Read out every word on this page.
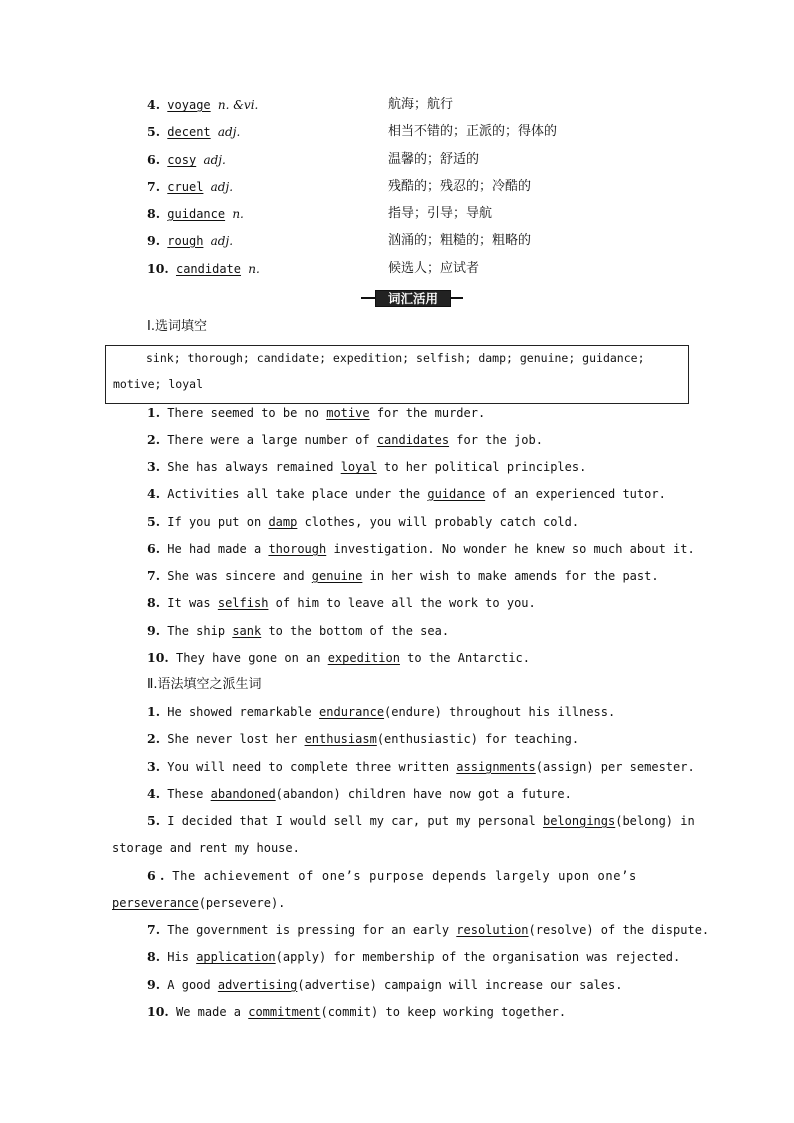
4. voyage n. &vi.	航海；航行
5. decent adj.	相当不错的；正派的；得体的
6. cosy adj.	温馨的；舒适的
7. cruel adj.	残酷的；残忍的；冷酷的
8. guidance n.	指导；引导；导航
9. rough adj.	汹涌的；粗糙的；粗略的
10. candidate n.	候选人；应试者
词汇活用
Ⅰ.选词填空
sink; thorough; candidate; expedition; selfish; damp; genuine; guidance;
motive; loyal
1. There seemed to be no motive for the murder.
2. There were a large number of candidates for the job.
3. She has always remained loyal to her political principles.
4. Activities all take place under the guidance of an experienced tutor.
5. If you put on damp clothes, you will probably catch cold.
6. He had made a thorough investigation. No wonder he knew so much about it.
7. She was sincere and genuine in her wish to make amends for the past.
8. It was selfish of him to leave all the work to you.
9. The ship sank to the bottom of the sea.
10. They have gone on an expedition to the Antarctic.
Ⅱ.语法填空之派生词
1. He showed remarkable endurance(endure) throughout his illness.
2. She never lost her enthusiasm(enthusiastic) for teaching.
3. You will need to complete three written assignments(assign) per semester.
4. These abandoned(abandon) children have now got a future.
5. I decided that I would sell my car, put my personal belongings(belong) in
storage and rent my house.
6 . The achievement of one’s purpose depends largely upon one’s
perseverance(persevere).
7. The government is pressing for an early resolution(resolve) of the dispute.
8. His application(apply) for membership of the organisation was rejected.
9. A good advertising(advertise) campaign will increase our sales.
10. We made a commitment(commit) to keep working together.
